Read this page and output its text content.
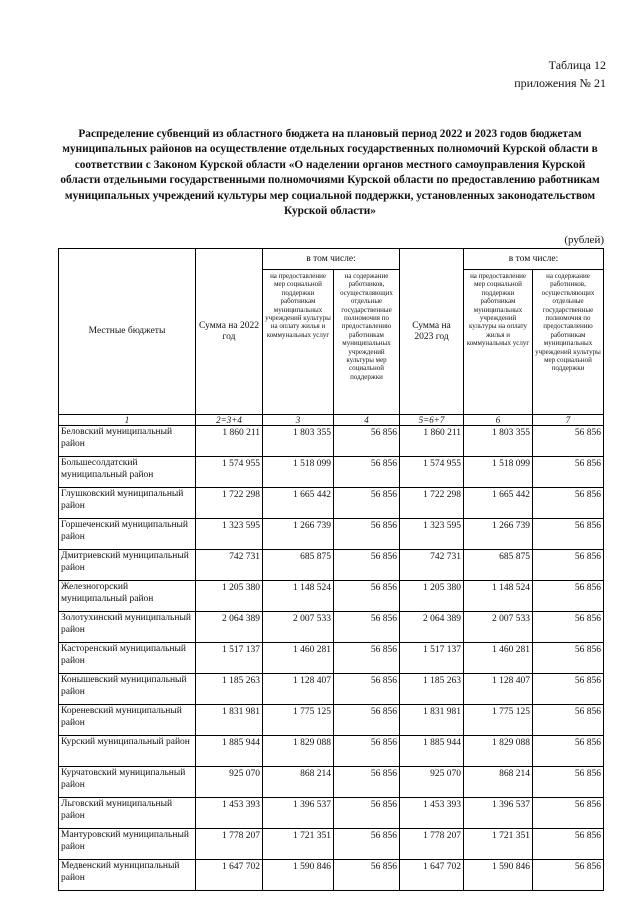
Таблица 12
приложения № 21
Распределение субвенций из областного бюджета на плановый период 2022 и 2023 годов бюджетам муниципальных районов на осуществление отдельных государственных полномочий Курской области в соответствии с Законом Курской области «О наделении органов местного самоуправления Курской области отдельными государственными полномочиями Курской области по предоставлению работникам муниципальных учреждений культуры мер социальной поддержки, установленных законодательством Курской области»
(рублей)
Местные бюджеты	Сумма на 2022 год	в том числе:		Сумма на 2023 год	в том числе:	
		на предоставление мер социальной поддержки работникам муниципальных учреждений культуры на оплату жилья и коммунальных услуг	на содержание работников, осуществляющих отдельные государственные полномочия по предоставлению работникам муниципальных учреждений культуры мер социальной поддержки		на предоставление мер социальной поддержки работникам муниципальных учреждений культуры на оплату жилья и коммунальных услуг	на содержание работников, осуществляющих отдельные государственные полномочия по предоставлению работникам муниципальных учреждений культуры мер социальной поддержки
1	2=3+4	3	4	5=6+7	6	7
Беловский муниципальный район	1 860 211	1 803 355	56 856	1 860 211	1 803 355	56 856
Большесолдатский муниципальный район	1 574 955	1 518 099	56 856	1 574 955	1 518 099	56 856
Глушковский муниципальный район	1 722 298	1 665 442	56 856	1 722 298	1 665 442	56 856
Горшеченский муниципальный район	1 323 595	1 266 739	56 856	1 323 595	1 266 739	56 856
Дмитриевский муниципальный район	742 731	685 875	56 856	742 731	685 875	56 856
Железногорский муниципальный район	1 205 380	1 148 524	56 856	1 205 380	1 148 524	56 856
Золотухинский муниципальный район	2 064 389	2 007 533	56 856	2 064 389	2 007 533	56 856
Касторенский муниципальный район	1 517 137	1 460 281	56 856	1 517 137	1 460 281	56 856
Конышевский муниципальный район	1 185 263	1 128 407	56 856	1 185 263	1 128 407	56 856
Кореневский муниципальный район	1 831 981	1 775 125	56 856	1 831 981	1 775 125	56 856
Курский муниципальный район	1 885 944	1 829 088	56 856	1 885 944	1 829 088	56 856
Курчатовский муниципальный район	925 070	868 214	56 856	925 070	868 214	56 856
Льговский муниципальный район	1 453 393	1 396 537	56 856	1 453 393	1 396 537	56 856
Мантуровский муниципальный район	1 778 207	1 721 351	56 856	1 778 207	1 721 351	56 856
Медвенский муниципальный район	1 647 702	1 590 846	56 856	1 647 702	1 590 846	56 856
